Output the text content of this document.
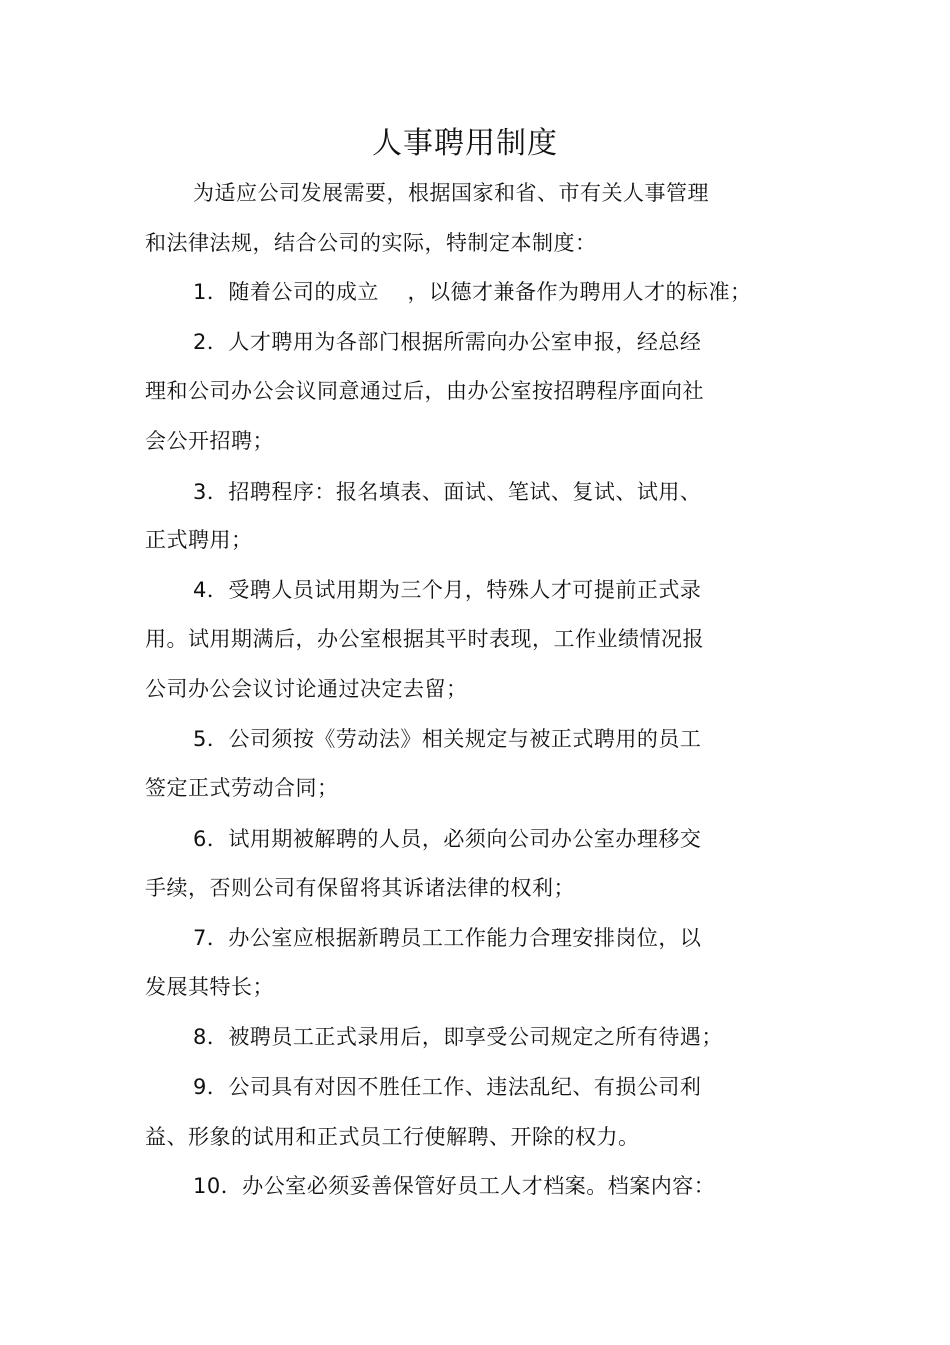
人事聘用制度
为适应公司发展需要，根据国家和省、市有关人事管理
和法律法规，结合公司的实际，特制定本制度：
1．随着公司的成立　 ，以德才兼备作为聘用人才的标准；
2．人才聘用为各部门根据所需向办公室申报，经总经
理和公司办公会议同意通过后，由办公室按招聘程序面向社
会公开招聘；
3．招聘程序：报名填表、面试、笔试、复试、试用、
正式聘用；
4．受聘人员试用期为三个月，特殊人才可提前正式录
用。试用期满后，办公室根据其平时表现，工作业绩情况报
公司办公会议讨论通过决定去留；
5．公司须按《劳动法》相关规定与被正式聘用的员工
签定正式劳动合同；
6．试用期被解聘的人员，必须向公司办公室办理移交
手续，否则公司有保留将其诉诸法律的权利；
7．办公室应根据新聘员工工作能力合理安排岗位，以
发展其特长；
8．被聘员工正式录用后，即享受公司规定之所有待遇；
9．公司具有对因不胜任工作、违法乱纪、有损公司利
益、形象的试用和正式员工行使解聘、开除的权力。
10．办公室必须妥善保管好员工人才档案。档案内容：
